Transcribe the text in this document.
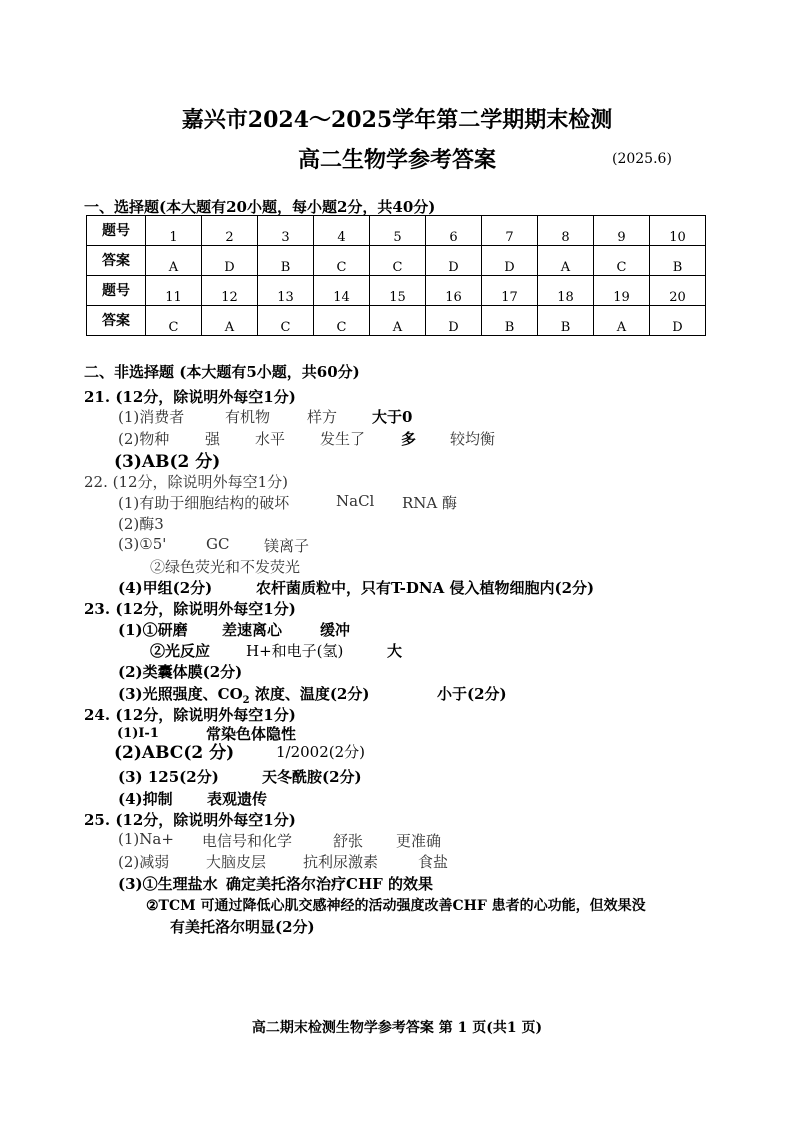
嘉兴市2024～2025学年第二学期期末检测
高二生物学参考答案	(2025.6)
一、选择题(本大题有20小题，每小题2分，共40分)
题号	1	2	3	4	5	6	7	8	9	10
答案	A	D	B	C	C	D	D	A	C	B
题号	11	12	13	14	15	16	17	18	19	20
答案	C	A	C	C	A	D	B	B	A	D
二、非选择题 (本大题有5小题，共60分)
21. (12分，除说明外每空1分)
(1)消费者	有机物 样方 大于0
(2)物种 强 水平 发生了 多 较均衡
(3)AB(2 分)
22. (12分，除说明外每空1分)
(1)有助于细胞结构的破坏	NaCl RNA 酶
(2)酶3
(3)①5'	GC 镁离子
②绿色荧光和不发荧光
(4)甲组(2分)	农杆菌质粒中，只有T-DNA 侵入植物细胞内(2分)
23. (12分，除说明外每空1分)
(1)①研磨 差速离心	缓冲
②光反应 H+和电子(氢)	大
(2)类囊体膜(2分)
(3)光照强度、$CO_2$ 浓度、温度(2分)	小于(2分)
24. (12分，除说明外每空1分)
(1)I-1	常染色体隐性
(2)ABC(2 分)	1/2002(2分)
(3) 125(2分)	天冬酰胺(2分)
(4)抑制 表观遗传
25. (12分，除说明外每空1分)
(1)Na+ 电信号和化学	舒张 更准确
(2)减弱 大脑皮层 抗利尿激素	食盐
(3)①生理盐水 确定美托洛尔治疗CHF 的效果
②TCM 可通过降低心肌交感神经的活动强度改善CHF 患者的心功能，但效果没
有美托洛尔明显(2分)
高二期末检测生物学参考答案 第 1 页(共1 页)
